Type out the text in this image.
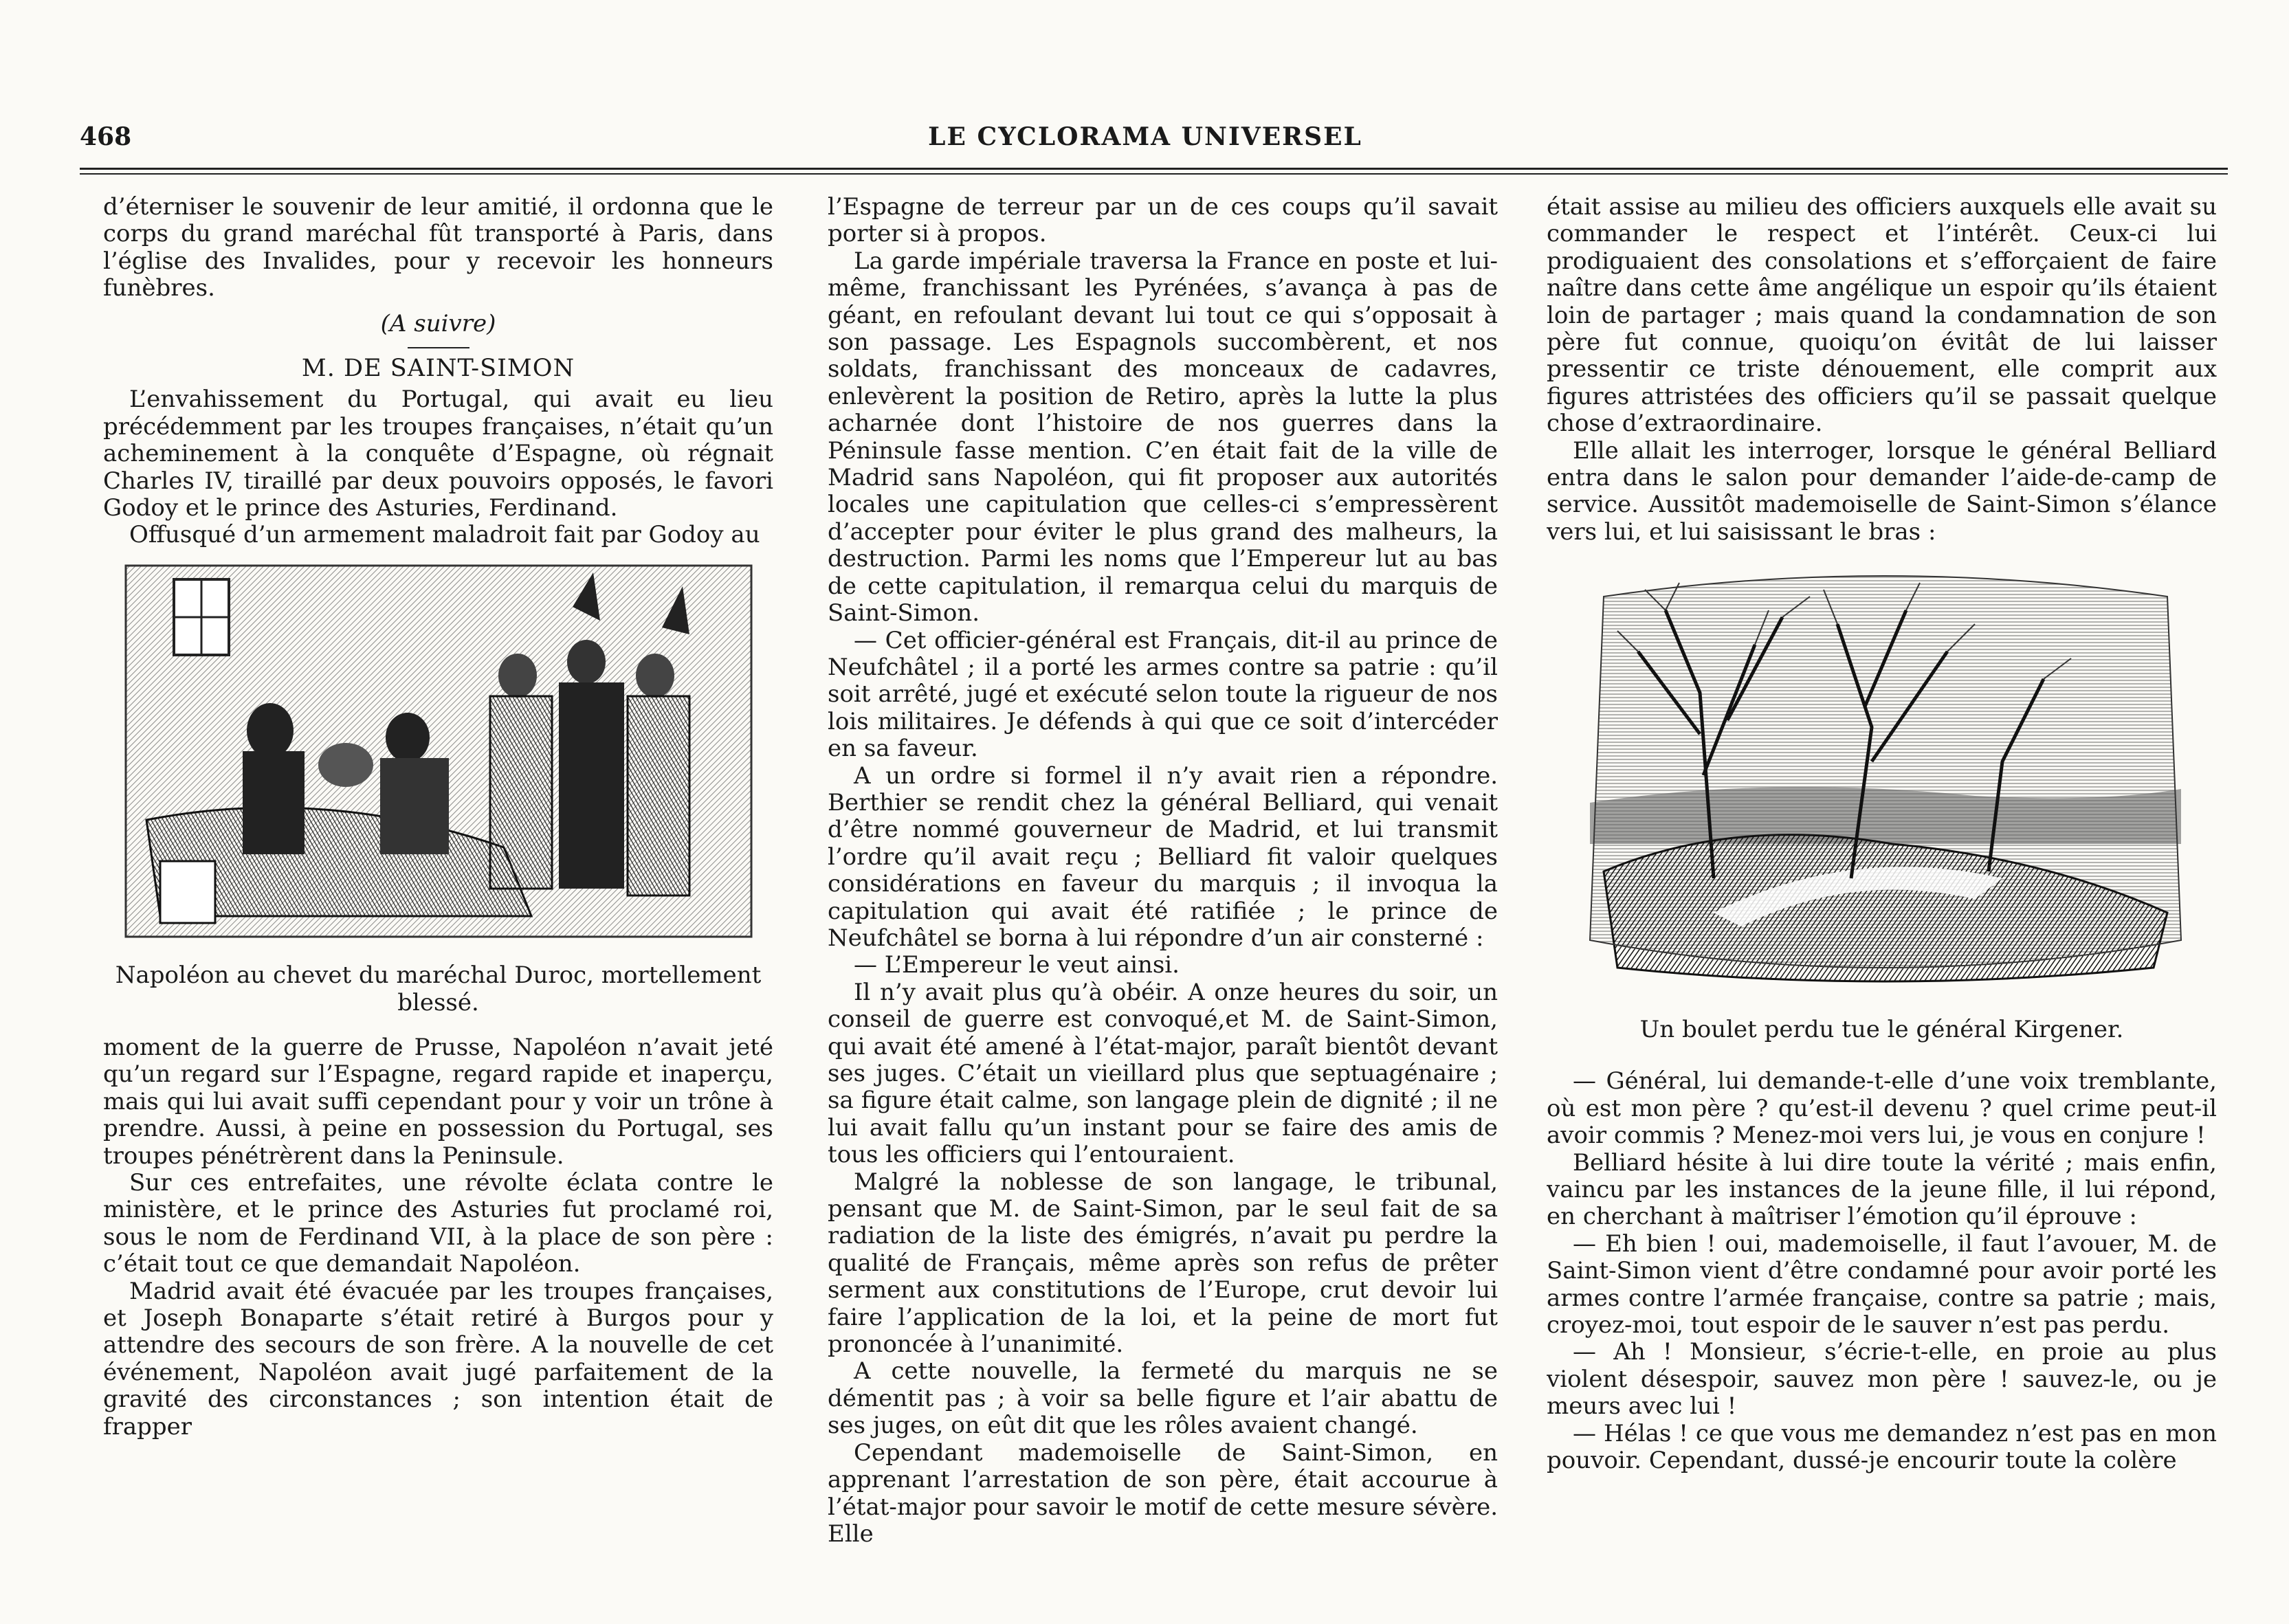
468	LE CYCLORAMA UNIVERSEL

d’éterniser le souvenir de leur amitié, il ordonna que le corps du grand maréchal fût transporté à Paris, dans l’église des Invalides, pour y recevoir les honneurs funèbres.

(A suivre)
M. DE SAINT-SIMON

L’envahissement du Portugal, qui avait eu lieu précédemment par les troupes françaises, n’était qu’un acheminement à la conquête d’Espagne, où régnait Charles IV, tiraillé par deux pouvoirs opposés, le favori Godoy et le prince des Asturies, Ferdinand.

Offusqué d’un armement maladroit fait par Godoy au

Napoléon au chevet du maréchal Duroc, mortellement blessé.

moment de la guerre de Prusse, Napoléon n’avait jeté qu’un regard sur l’Espagne, regard rapide et inaperçu, mais qui lui avait suffi cependant pour y voir un trône à prendre. Aussi, à peine en possession du Portugal, ses troupes pénétrèrent dans la Peninsule.

Sur ces entrefaites, une révolte éclata contre le ministère, et le prince des Asturies fut proclamé roi, sous le nom de Ferdinand VII, à la place de son père : c’était tout ce que demandait Napoléon.

Madrid avait été évacuée par les troupes françaises, et Joseph Bonaparte s’était retiré à Burgos pour y attendre des secours de son frère. A la nouvelle de cet événement, Napoléon avait jugé parfaitement de la gravité des circonstances ; son intention était de frapper

l’Espagne de terreur par un de ces coups qu’il savait porter si à propos.

La garde impériale traversa la France en poste et lui-même, franchissant les Pyrénées, s’avança à pas de géant, en refoulant devant lui tout ce qui s’opposait à son passage. Les Espagnols succombèrent, et nos soldats, franchissant des monceaux de cadavres, enlevèrent la position de Retiro, après la lutte la plus acharnée dont l’histoire de nos guerres dans la Péninsule fasse mention. C’en était fait de la ville de Madrid sans Napoléon, qui fit proposer aux autorités locales une capitulation que celles-ci s’empressèrent d’accepter pour éviter le plus grand des malheurs, la destruction. Parmi les noms que l’Empereur lut au bas de cette capitulation, il remarqua celui du marquis de Saint-Simon.

— Cet officier-général est Français, dit-il au prince de Neufchâtel ; il a porté les armes contre sa patrie : qu’il soit arrêté, jugé et exécuté selon toute la rigueur de nos lois militaires. Je défends à qui que ce soit d’intercéder en sa faveur.

A un ordre si formel il n’y avait rien a répondre. Berthier se rendit chez la général Belliard, qui venait d’être nommé gouverneur de Madrid, et lui transmit l’ordre qu’il avait reçu ; Belliard fit valoir quelques considérations en faveur du marquis ; il invoqua la capitulation qui avait été ratifiée ; le prince de Neufchâtel se borna à lui répondre d’un air consterné :

— L’Empereur le veut ainsi.

Il n’y avait plus qu’à obéir. A onze heures du soir, un conseil de guerre est convoqué,et M. de Saint-Simon, qui avait été amené à l’état-major, paraît bientôt devant ses juges. C’était un vieillard plus que septuagénaire ; sa figure était calme, son langage plein de dignité ; il ne lui avait fallu qu’un instant pour se faire des amis de tous les officiers qui l’entouraient.

Malgré la noblesse de son langage, le tribunal, pensant que M. de Saint-Simon, par le seul fait de sa radiation de la liste des émigrés, n’avait pu perdre la qualité de Français, même après son refus de prêter serment aux constitutions de l’Europe, crut devoir lui faire l’application de la loi, et la peine de mort fut prononcée à l’unanimité.

A cette nouvelle, la fermeté du marquis ne se démentit pas ; à voir sa belle figure et l’air abattu de ses juges, on eût dit que les rôles avaient changé.

Cependant mademoiselle de Saint-Simon, en apprenant l’arrestation de son père, était accourue à l’état-major pour savoir le motif de cette mesure sévère. Elle

était assise au milieu des officiers auxquels elle avait su commander le respect et l’intérêt. Ceux-ci lui prodiguaient des consolations et s’efforçaient de faire naître dans cette âme angélique un espoir qu’ils étaient loin de partager ; mais quand la condamnation de son père fut connue, quoiqu’on évitât de lui laisser pressentir ce triste dénouement, elle comprit aux figures attristées des officiers qu’il se passait quelque chose d’extraordinaire.

Elle allait les interroger, lorsque le général Belliard entra dans le salon pour demander l’aide-de-camp de service. Aussitôt mademoiselle de Saint-Simon s’élance vers lui, et lui saisissant le bras :

Un boulet perdu tue le général Kirgener.

— Général, lui demande-t-elle d’une voix tremblante, où est mon père ? qu’est-il devenu ? quel crime peut-il avoir commis ? Menez-moi vers lui, je vous en conjure !

Belliard hésite à lui dire toute la vérité ; mais enfin, vaincu par les instances de la jeune fille, il lui répond, en cherchant à maîtriser l’émotion qu’il éprouve :

— Eh bien ! oui, mademoiselle, il faut l’avouer, M. de Saint-Simon vient d’être condamné pour avoir porté les armes contre l’armée française, contre sa patrie ; mais, croyez-moi, tout espoir de le sauver n’est pas perdu.

— Ah ! Monsieur, s’écrie-t-elle, en proie au plus violent désespoir, sauvez mon père ! sauvez-le, ou je meurs avec lui !

— Hélas ! ce que vous me demandez n’est pas en mon pouvoir. Cependant, dussé-je encourir toute la colère
